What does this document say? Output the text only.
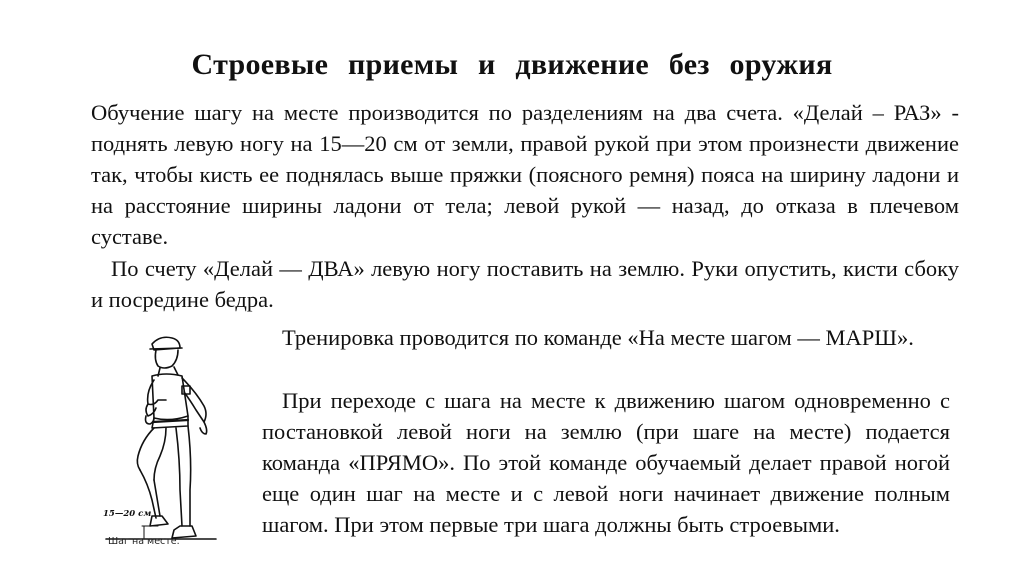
Строевые приемы и движение без оружия

Обучение шагу на месте производится по разделениям на два счета. «Делай – РАЗ» - поднять левую ногу на 15—20 см от земли, правой рукой при этом произнести движение так, чтобы кисть ее поднялась выше пряжки (поясного ремня) пояса на ширину ладони и на расстояние ширины ладони от тела; левой рукой — назад, до отказа в плечевом суставе.

По счету «Делай — ДВА» левую ногу поставить на землю. Руки опустить, кисти сбоку и посредине бедра.

Тренировка проводится по команде «На месте шагом — МАРШ».

При переходе с шага на месте к движению шагом одновременно с постановкой левой ноги на землю (при шаге на месте) подается команда «ПРЯМО». По этой команде обучаемый делает правой ногой еще один шаг на месте и с левой ноги начинает движение полным шагом. При этом первые три шага должны быть строевыми.

15—20 см
Шаг на месте.
